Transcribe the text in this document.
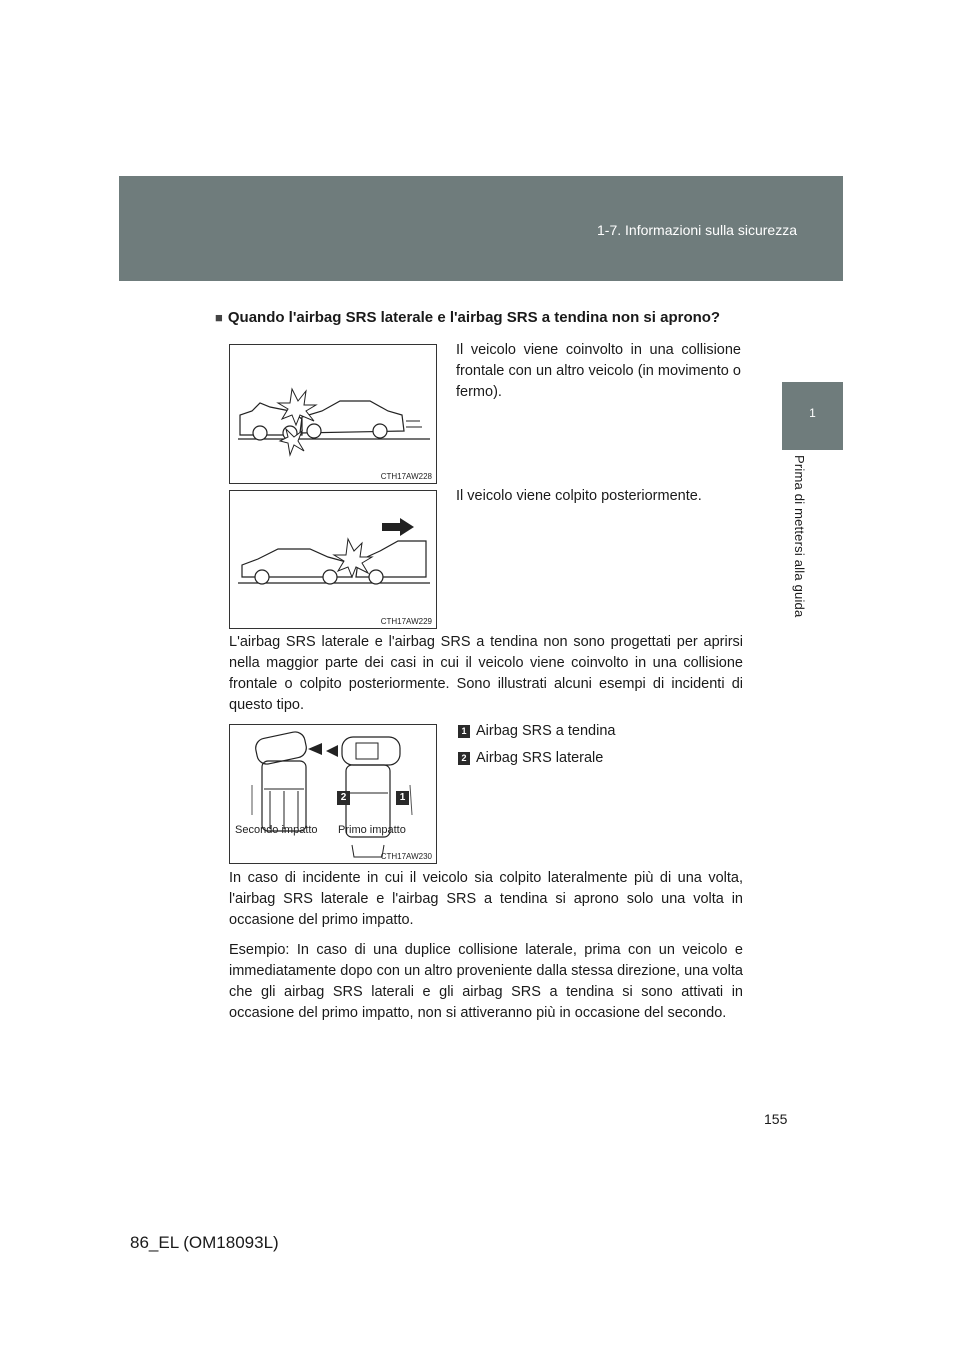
1-7. Informazioni sulla sicurezza
1
Prima di mettersi alla guida
■ Quando l'airbag SRS laterale e l'airbag SRS a tendina non si aprono?
CTH17AW228
Il veicolo viene coinvolto in una collisione frontale con un altro veicolo (in movimento o fermo).
CTH17AW229
Il veicolo viene colpito posteriormente.
L'airbag SRS laterale e l'airbag SRS a tendina non sono progettati per aprirsi nella maggior parte dei casi in cui il veicolo viene coinvolto in una collisione frontale o colpito posteriormente. Sono illustrati alcuni esempi di incidenti di questo tipo.
2	1
Secondo impatto Primo impatto
CTH17AW230
1 Airbag SRS a tendina
2 Airbag SRS laterale
In caso di incidente in cui il veicolo sia colpito lateralmente più di una volta, l'airbag SRS laterale e l'airbag SRS a tendina si aprono solo una volta in occasione del primo impatto.
Esempio: In caso di una duplice collisione laterale, prima con un veicolo e immediatamente dopo con un altro proveniente dalla stessa direzione, una volta che gli airbag SRS laterali e gli airbag SRS a tendina si sono attivati in occasione del primo impatto, non si attiveranno più in occasione del secondo.
155
86_EL (OM18093L)
